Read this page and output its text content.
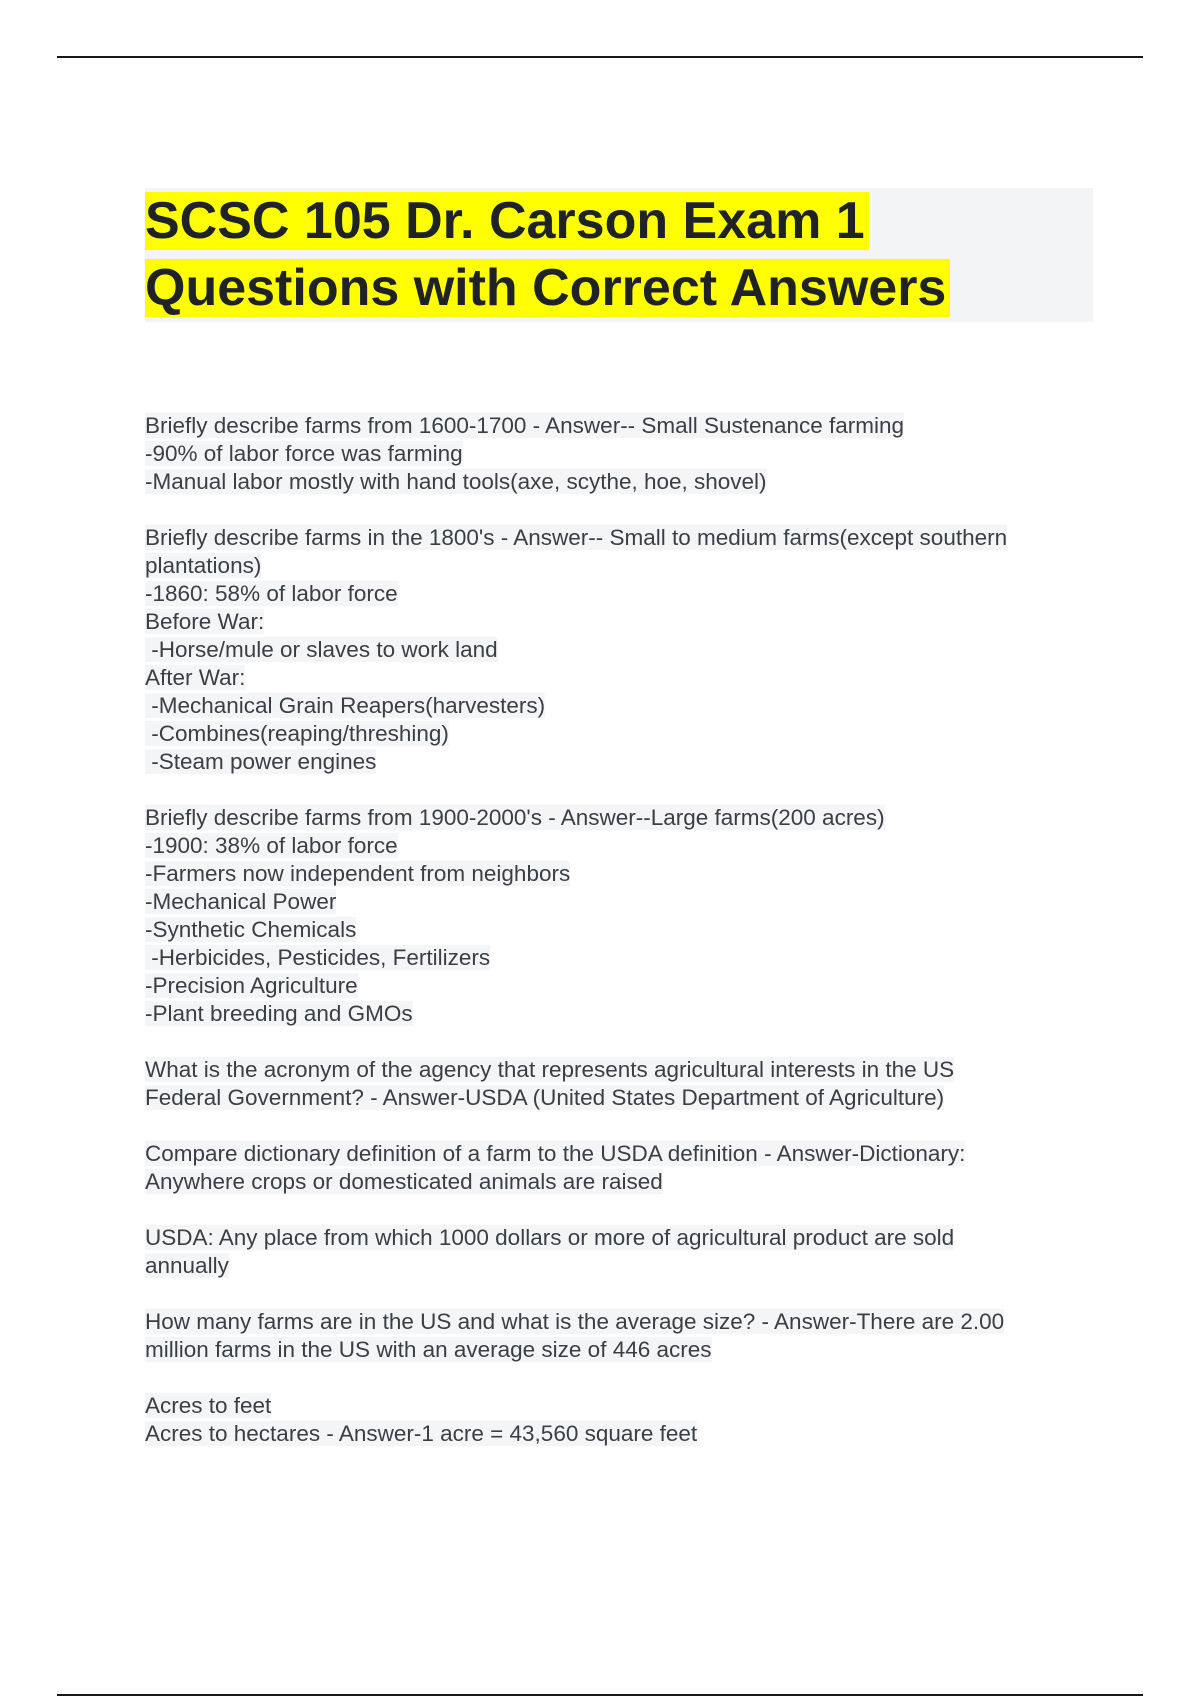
SCSC 105 Dr. Carson Exam 1
Questions with Correct Answers
Briefly describe farms from 1600-1700 - Answer-- Small Sustenance farming
-90% of labor force was farming
-Manual labor mostly with hand tools(axe, scythe, hoe, shovel)
Briefly describe farms in the 1800's - Answer-- Small to medium farms(except southern
plantations)
-1860: 58% of labor force
Before War:
-Horse/mule or slaves to work land
After War:
-Mechanical Grain Reapers(harvesters)
-Combines(reaping/threshing)
-Steam power engines
Briefly describe farms from 1900-2000's - Answer--Large farms(200 acres)
-1900: 38% of labor force
-Farmers now independent from neighbors
-Mechanical Power
-Synthetic Chemicals
-Herbicides, Pesticides, Fertilizers
-Precision Agriculture
-Plant breeding and GMOs
What is the acronym of the agency that represents agricultural interests in the US
Federal Government? - Answer-USDA (United States Department of Agriculture)
Compare dictionary definition of a farm to the USDA definition - Answer-Dictionary:
Anywhere crops or domesticated animals are raised
USDA: Any place from which 1000 dollars or more of agricultural product are sold
annually
How many farms are in the US and what is the average size? - Answer-There are 2.00
million farms in the US with an average size of 446 acres
Acres to feet
Acres to hectares - Answer-1 acre = 43,560 square feet
